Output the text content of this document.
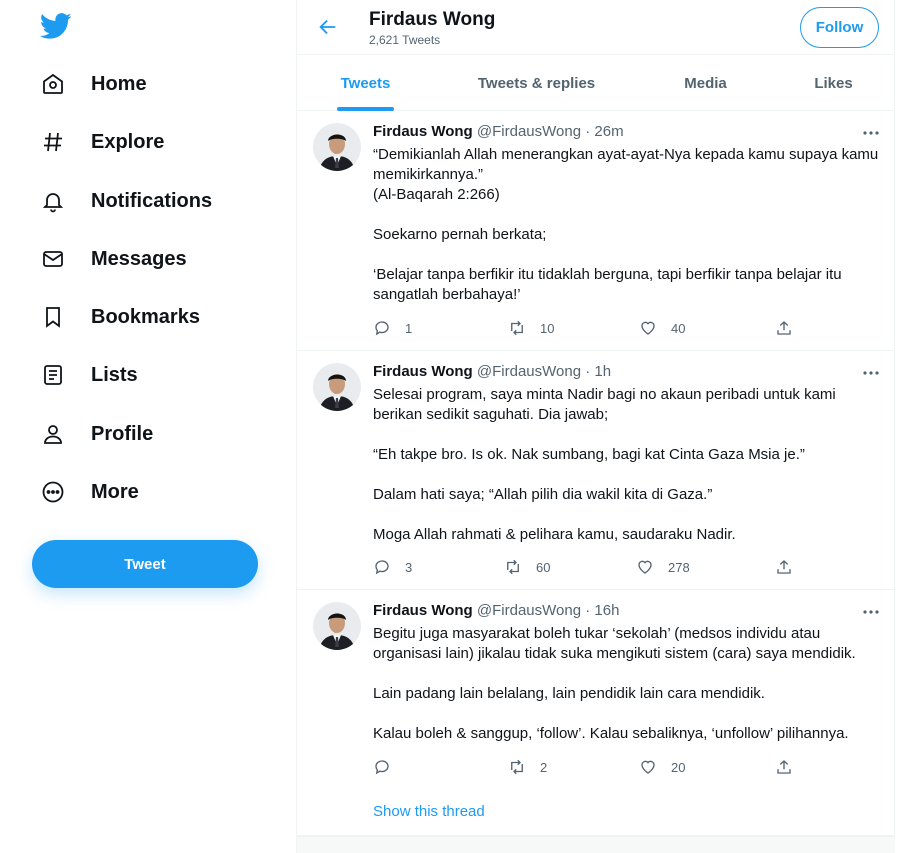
Home
Explore
Notifications
Messages
Bookmarks
Lists
Profile
More
Tweet
Firdaus Wong
2,621 Tweets
Follow
Tweets	Tweets & replies	Media	Likes
Firdaus Wong @FirdausWong · 26m

“Demikianlah Allah menerangkan ayat-ayat-Nya kepada kamu supaya kamu memikirkannya.”
(Al-Baqarah 2:266)

Soekarno pernah berkata;

‘Belajar tanpa berfikir itu tidaklah berguna, tapi berfikir tanpa belajar itu sangatlah berbahaya!’

1	10	40
Firdaus Wong @FirdausWong · 1h

Selesai program, saya minta Nadir bagi no akaun peribadi untuk kami berikan sedikit saguhati. Dia jawab;

“Eh takpe bro. Is ok. Nak sumbang, bagi kat Cinta Gaza Msia je.”

Dalam hati saya; “Allah pilih dia wakil kita di Gaza.”

Moga Allah rahmati & pelihara kamu, saudaraku Nadir.

3	60	278
Firdaus Wong @FirdausWong · 16h

Begitu juga masyarakat boleh tukar ‘sekolah’ (medsos individu atau organisasi lain) jikalau tidak suka mengikuti sistem (cara) saya mendidik.

Lain padang lain belalang, lain pendidik lain cara mendidik.

Kalau boleh & sanggup, ‘follow’. Kalau sebaliknya, ‘unfollow’ pilihannya.

2	20
Show this thread
